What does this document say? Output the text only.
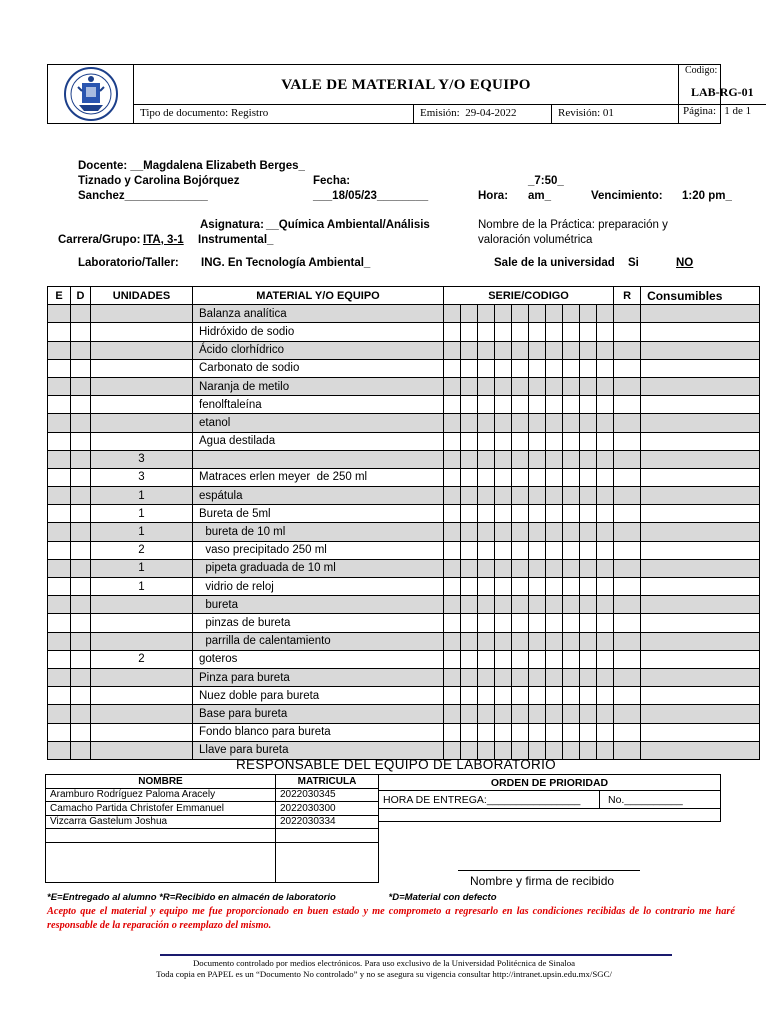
VALE DE MATERIAL Y/O EQUIPO
Codigo:
LAB-RG-01
Tipo de documento: Registro	Emisión:  29-04-2022	Revisión: 01	Página:   1 de 1
Docente: __Magdalena Elizabeth Berges_
Tiznado y Carolina Bojórquez
Sanchez_____________
Fecha:
___18/05/23________
_7:50_
Hora: am_	Vencimiento: 1:20 pm_
Asignatura: __Química Ambiental/Análisis
Instrumental_
Nombre de la Práctica: preparación y
valoración volumétrica
Carrera/Grupo: ITA, 3-1
Laboratorio/Taller: ING. En Tecnología Ambiental_	Sale de la universidad Si	NO
E	D	UNIDADES	MATERIAL Y/O EQUIPO	SERIE/CODIGO										R	Consumibles
			Balanza analítica												
			Hidróxido de sodio												
			Ácido clorhídrico												
			Carbonato de sodio												
			Naranja de metilo												
			fenolftaleína												
			etanol												
			Agua destilada												
		3													
		3	Matraces erlen meyer  de 250 ml												
		1	espátula												
		1	Bureta de 5ml												
		1	bureta de 10 ml												
		2	vaso precipitado 250 ml												
		1	pipeta graduada de 10 ml												
		1	vidrio de reloj												
			bureta												
			pinzas de bureta												
			parrilla de calentamiento												
		2	goteros												
			Pinza para bureta												
			Nuez doble para bureta												
			Base para bureta												
			Fondo blanco para bureta												
			Llave para bureta												
RESPONSABLE DEL EQUIPO DE LABORATORIO
NOMBRE	MATRICULA
Aramburo Rodríguez Paloma Aracely	2022030345
Camacho Partida Christofer Emmanuel	2022030300
Vizcarra Gastelum Joshua	2022030334

ORDEN DE PRIORIDAD
HORA DE ENTREGA:________________	No.__________
Nombre y firma de recibido
*E=Entregado al alumno *R=Recibido en almacén de laboratorio                    *D=Material con defecto
Acepto que el material y equipo me fue proporcionado en buen estado y me comprometo a regresarlo en las condiciones recibidas de lo contrario me haré responsable de la reparación o reemplazo del mismo.
Documento controlado por medios electrónicos. Para uso exclusivo de la Universidad Politécnica de Sinaloa
Toda copia en PAPEL es un “Documento No controlado” y no se asegura su vigencia consultar http://intranet.upsin.edu.mx/SGC/
